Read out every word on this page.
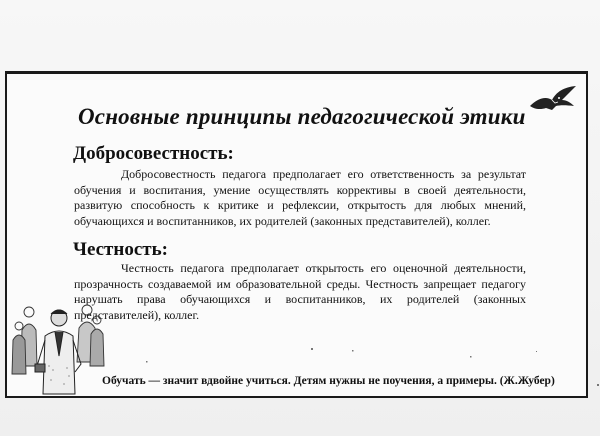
Основные принципы педагогической этики
Добросовестность:

Добросовестность педагога предполагает его ответственность за результат обучения и воспитания, умение осуществлять коррективы в своей деятельности, развитую способность к критике и рефлексии, открытость для любых мнений, обучающихся и воспитанников, их родителей (законных представителей), коллег.

Честность:

Честность педагога предполагает открытость его оценочной деятельности, прозрачность создаваемой им образовательной среды. Честность запрещает педагогу нарушать права обучающихся и воспитанников, их родителей (законных представителей), коллег.

Обучать — значит вдвойне учиться. Детям нужны не поучения, а примеры. (Ж.Жубер)
